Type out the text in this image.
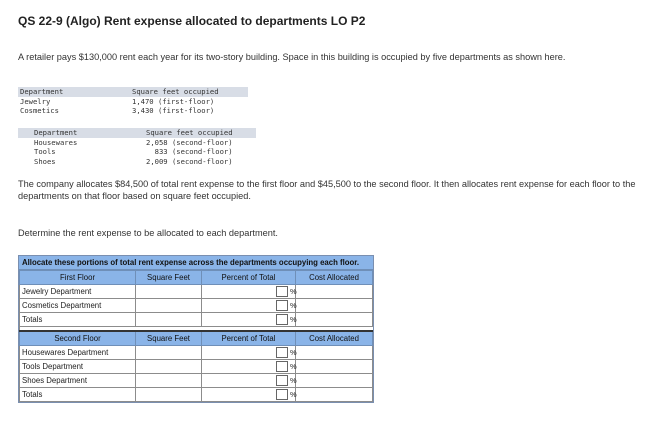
QS 22-9 (Algo) Rent expense allocated to departments LO P2
A retailer pays $130,000 rent each year for its two-story building. Space in this building is occupied by five departments as shown here.
Department	Square feet occupied
Jewelry	1,470 (first-floor)
Cosmetics	3,430 (first-floor)
Department	Square feet occupied
Housewares	2,058 (second-floor)
Tools	833 (second-floor)
Shoes	2,009 (second-floor)
The company allocates $84,500 of total rent expense to the first floor and $45,500 to the second floor. It then allocates rent expense for each floor to the departments on that floor based on square feet occupied.
Determine the rent expense to be allocated to each department.
Allocate these portions of total rent expense across the departments occupying each floor.
First Floor	Square Feet	Percent of Total	Cost Allocated
Jewelry Department		%	

Cosmetics Department		%	

Totals		%	

Second Floor	Square Feet	Percent of Total	Cost Allocated
Housewares Department		%	

Tools Department		%	

Shoes Department		%	

Totals		%	
